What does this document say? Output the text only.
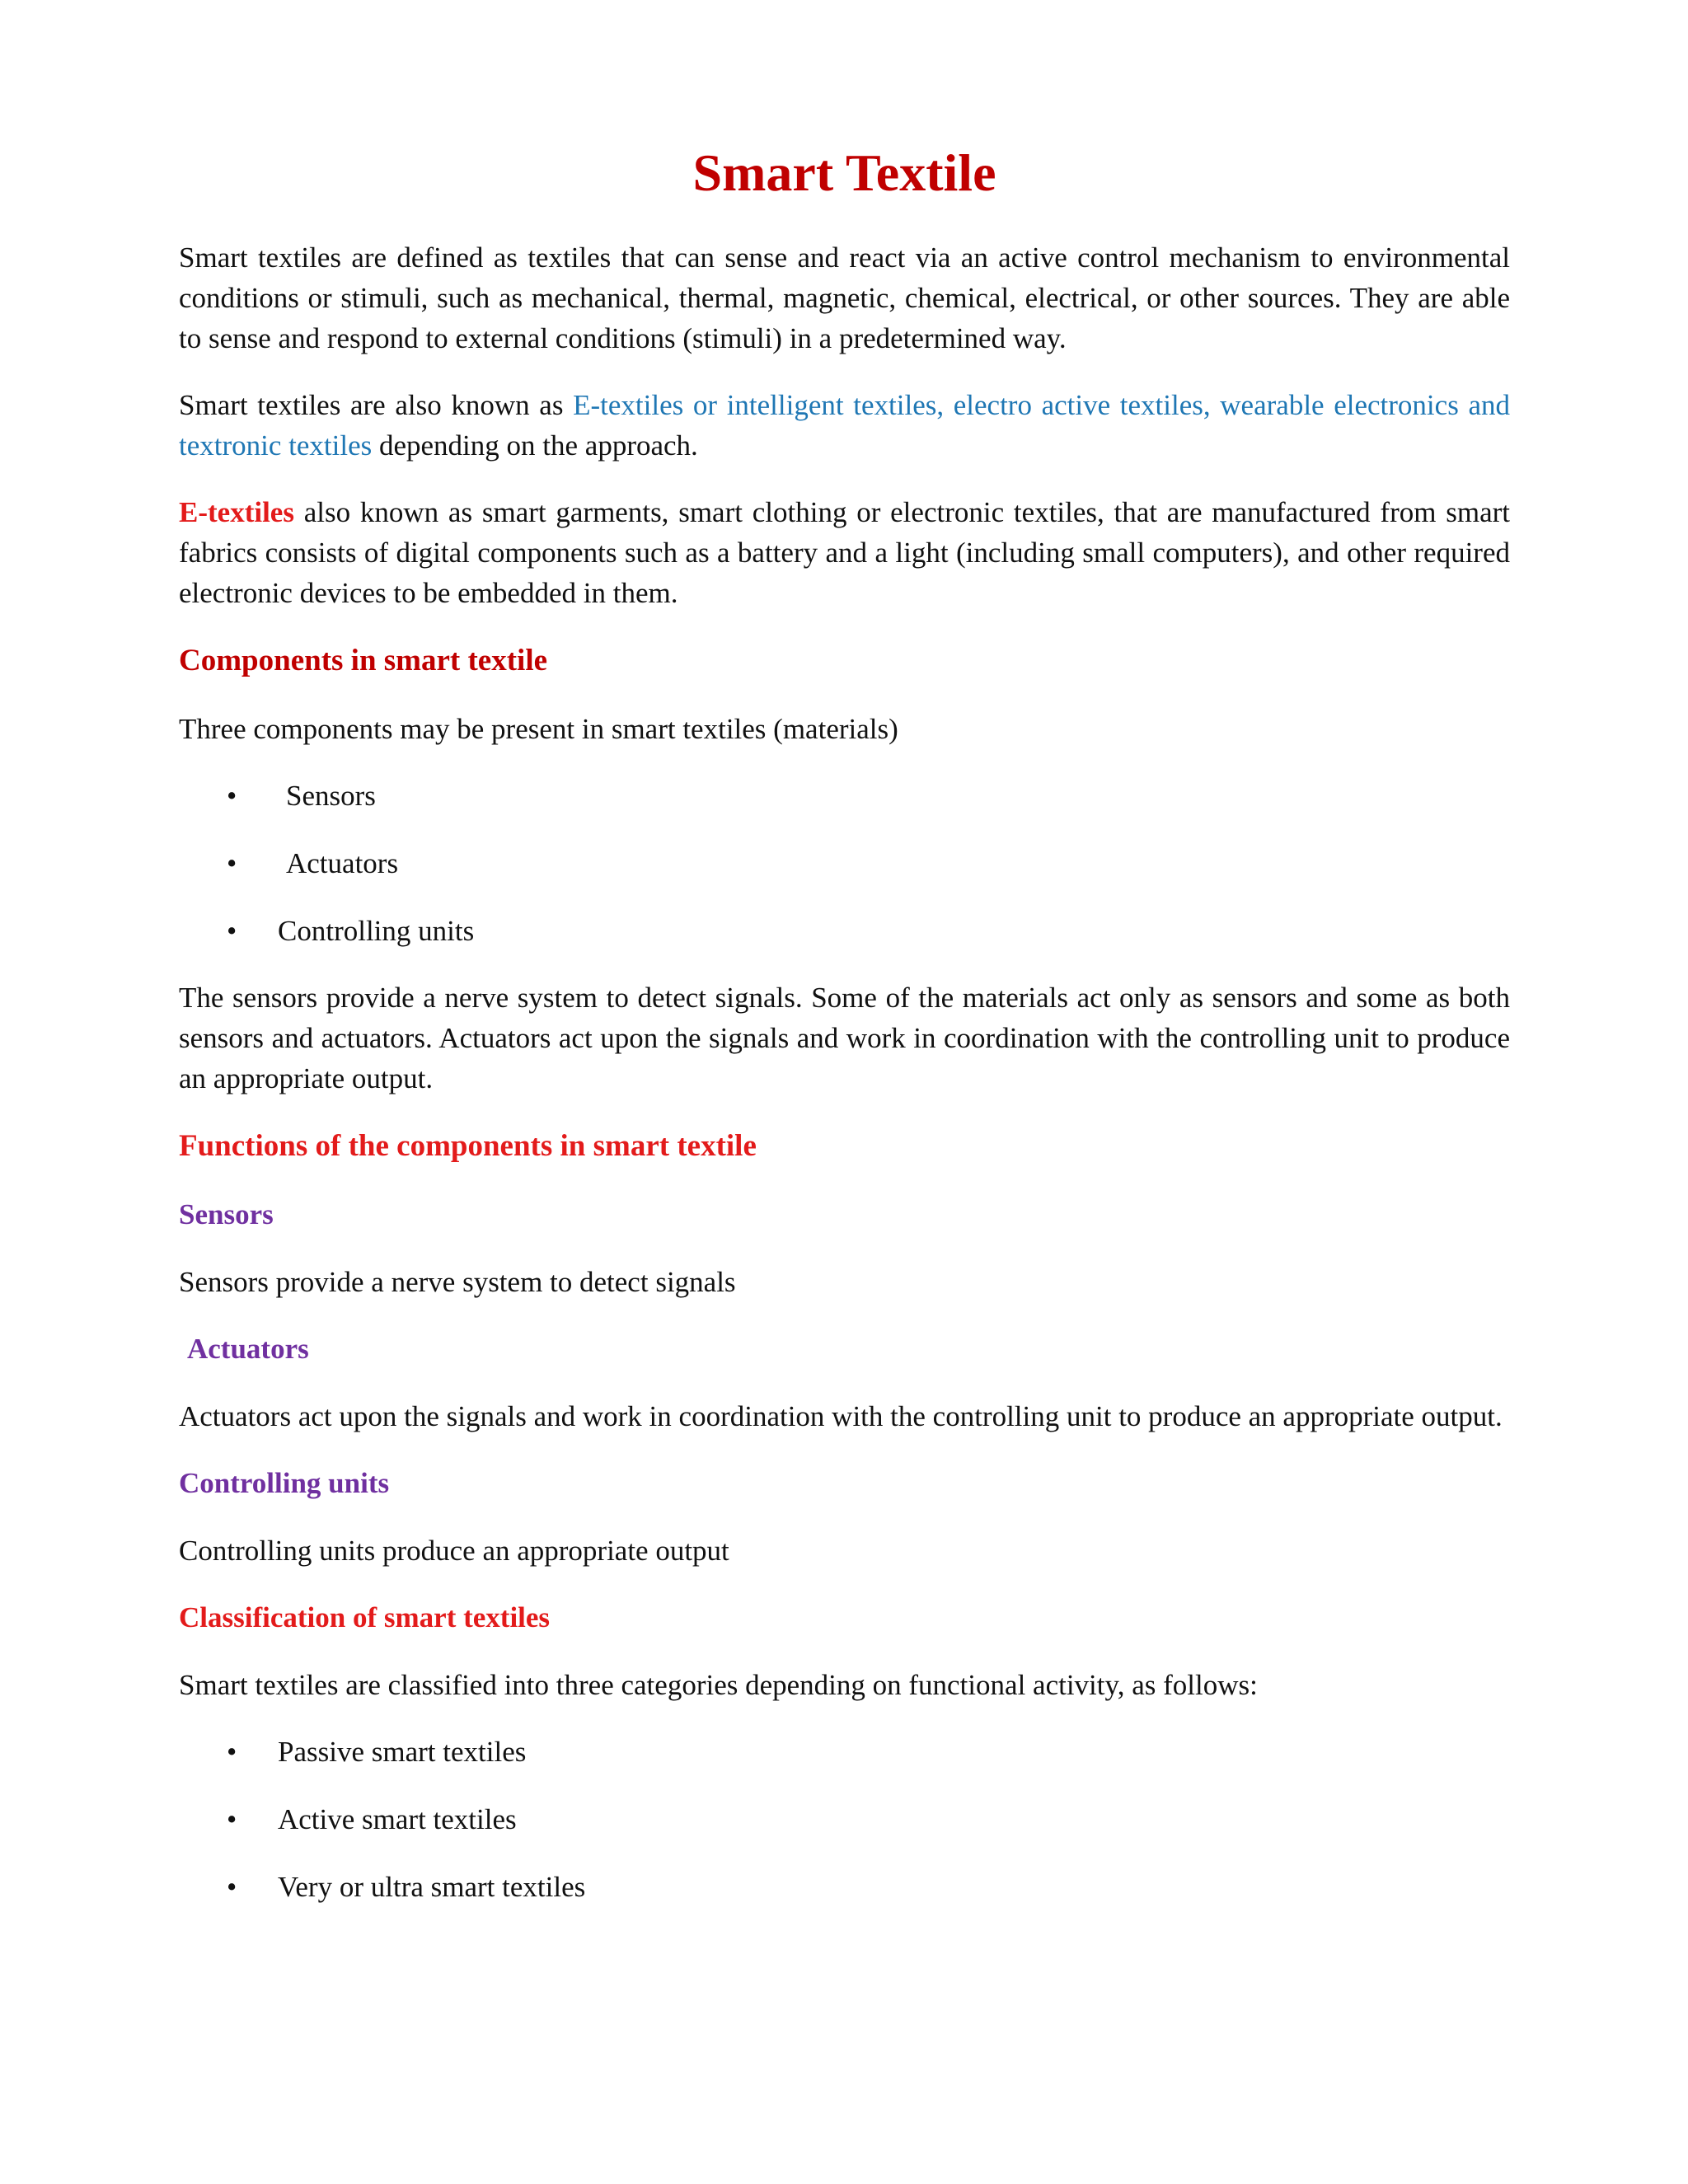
Smart Textile

Smart textiles are defined as textiles that can sense and react via an active control mechanism to environmental conditions or stimuli, such as mechanical, thermal, magnetic, chemical, electrical, or other sources. They are able to sense and respond to external conditions (stimuli) in a predetermined way.

Smart textiles are also known as E-textiles or intelligent textiles, electro active textiles, wearable electronics and textronic textiles depending on the approach.

E-textiles also known as smart garments, smart clothing or electronic textiles, that are manufactured from smart fabrics consists of digital components such as a battery and a light (including small computers), and other required electronic devices to be embedded in them.

Components in smart textile

Three components may be present in smart textiles (materials)

• Sensors
• Actuators
• Controlling units

The sensors provide a nerve system to detect signals. Some of the materials act only as sensors and some as both sensors and actuators. Actuators act upon the signals and work in coordination with the controlling unit to produce an appropriate output.

Functions of the components in smart textile
Sensors

Sensors provide a nerve system to detect signals

Actuators

Actuators act upon the signals and work in coordination with the controlling unit to produce an appropriate output.

Controlling units

Controlling units produce an appropriate output

Classification of smart textiles

Smart textiles are classified into three categories depending on functional activity, as follows:

• Passive smart textiles
• Active smart textiles
• Very or ultra smart textiles
